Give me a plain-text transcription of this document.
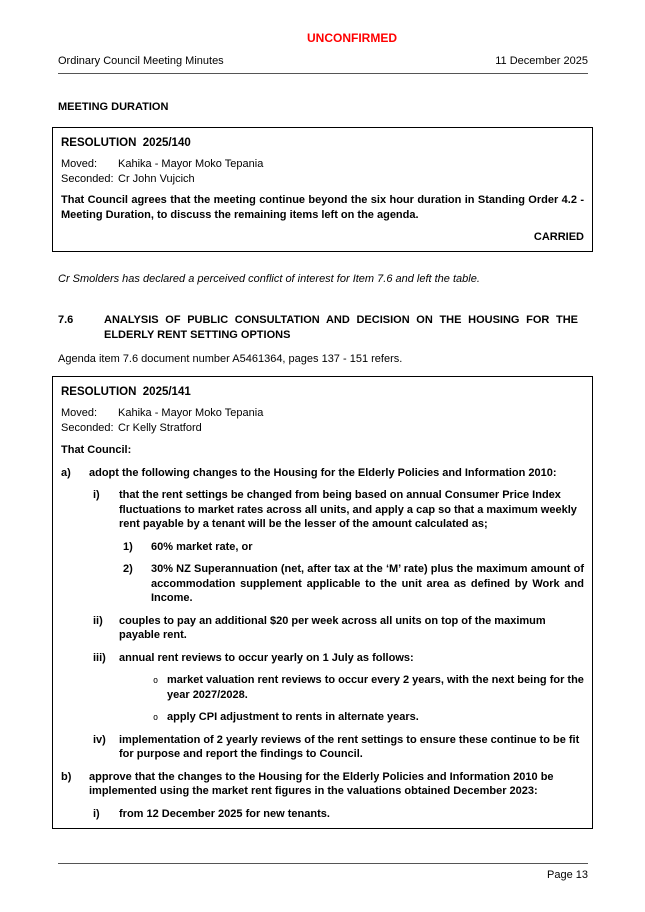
UNCONFIRMED
Ordinary Council Meeting Minutes	11 December 2025
MEETING DURATION
RESOLUTION  2025/140
Moved:	Kahika - Mayor Moko Tepania
Seconded: Cr John Vujcich
That Council agrees that the meeting continue beyond the six hour duration in Standing Order 4.2 - Meeting Duration, to discuss the remaining items left on the agenda.
CARRIED
Cr Smolders has declared a perceived conflict of interest for Item 7.6 and left the table.
7.6	ANALYSIS OF PUBLIC CONSULTATION AND DECISION ON THE HOUSING FOR THE ELDERLY RENT SETTING OPTIONS
Agenda item 7.6 document number A5461364, pages 137 - 151 refers.
RESOLUTION  2025/141
Moved:	Kahika - Mayor Moko Tepania
Seconded: Cr Kelly Stratford
That Council:
a)	adopt the following changes to the Housing for the Elderly Policies and Information 2010:
i)	that the rent settings be changed from being based on annual Consumer Price Index fluctuations to market rates across all units, and apply a cap so that a maximum weekly rent payable by a tenant will be the lesser of the amount calculated as;
1)	60% market rate, or
2)	30% NZ Superannuation (net, after tax at the ‘M’ rate) plus the maximum amount of accommodation supplement applicable to the unit area as defined by Work and Income.
ii)	couples to pay an additional $20 per week across all units on top of the maximum payable rent.
iii)	annual rent reviews to occur yearly on 1 July as follows:
o market valuation rent reviews to occur every 2 years, with the next being for the year 2027/2028.
o apply CPI adjustment to rents in alternate years.
iv)	implementation of 2 yearly reviews of the rent settings to ensure these continue to be fit for purpose and report the findings to Council.
b)	approve that the changes to the Housing for the Elderly Policies and Information 2010 be implemented using the market rent figures in the valuations obtained December 2023:
i)	from 12 December 2025 for new tenants.
Page 13
